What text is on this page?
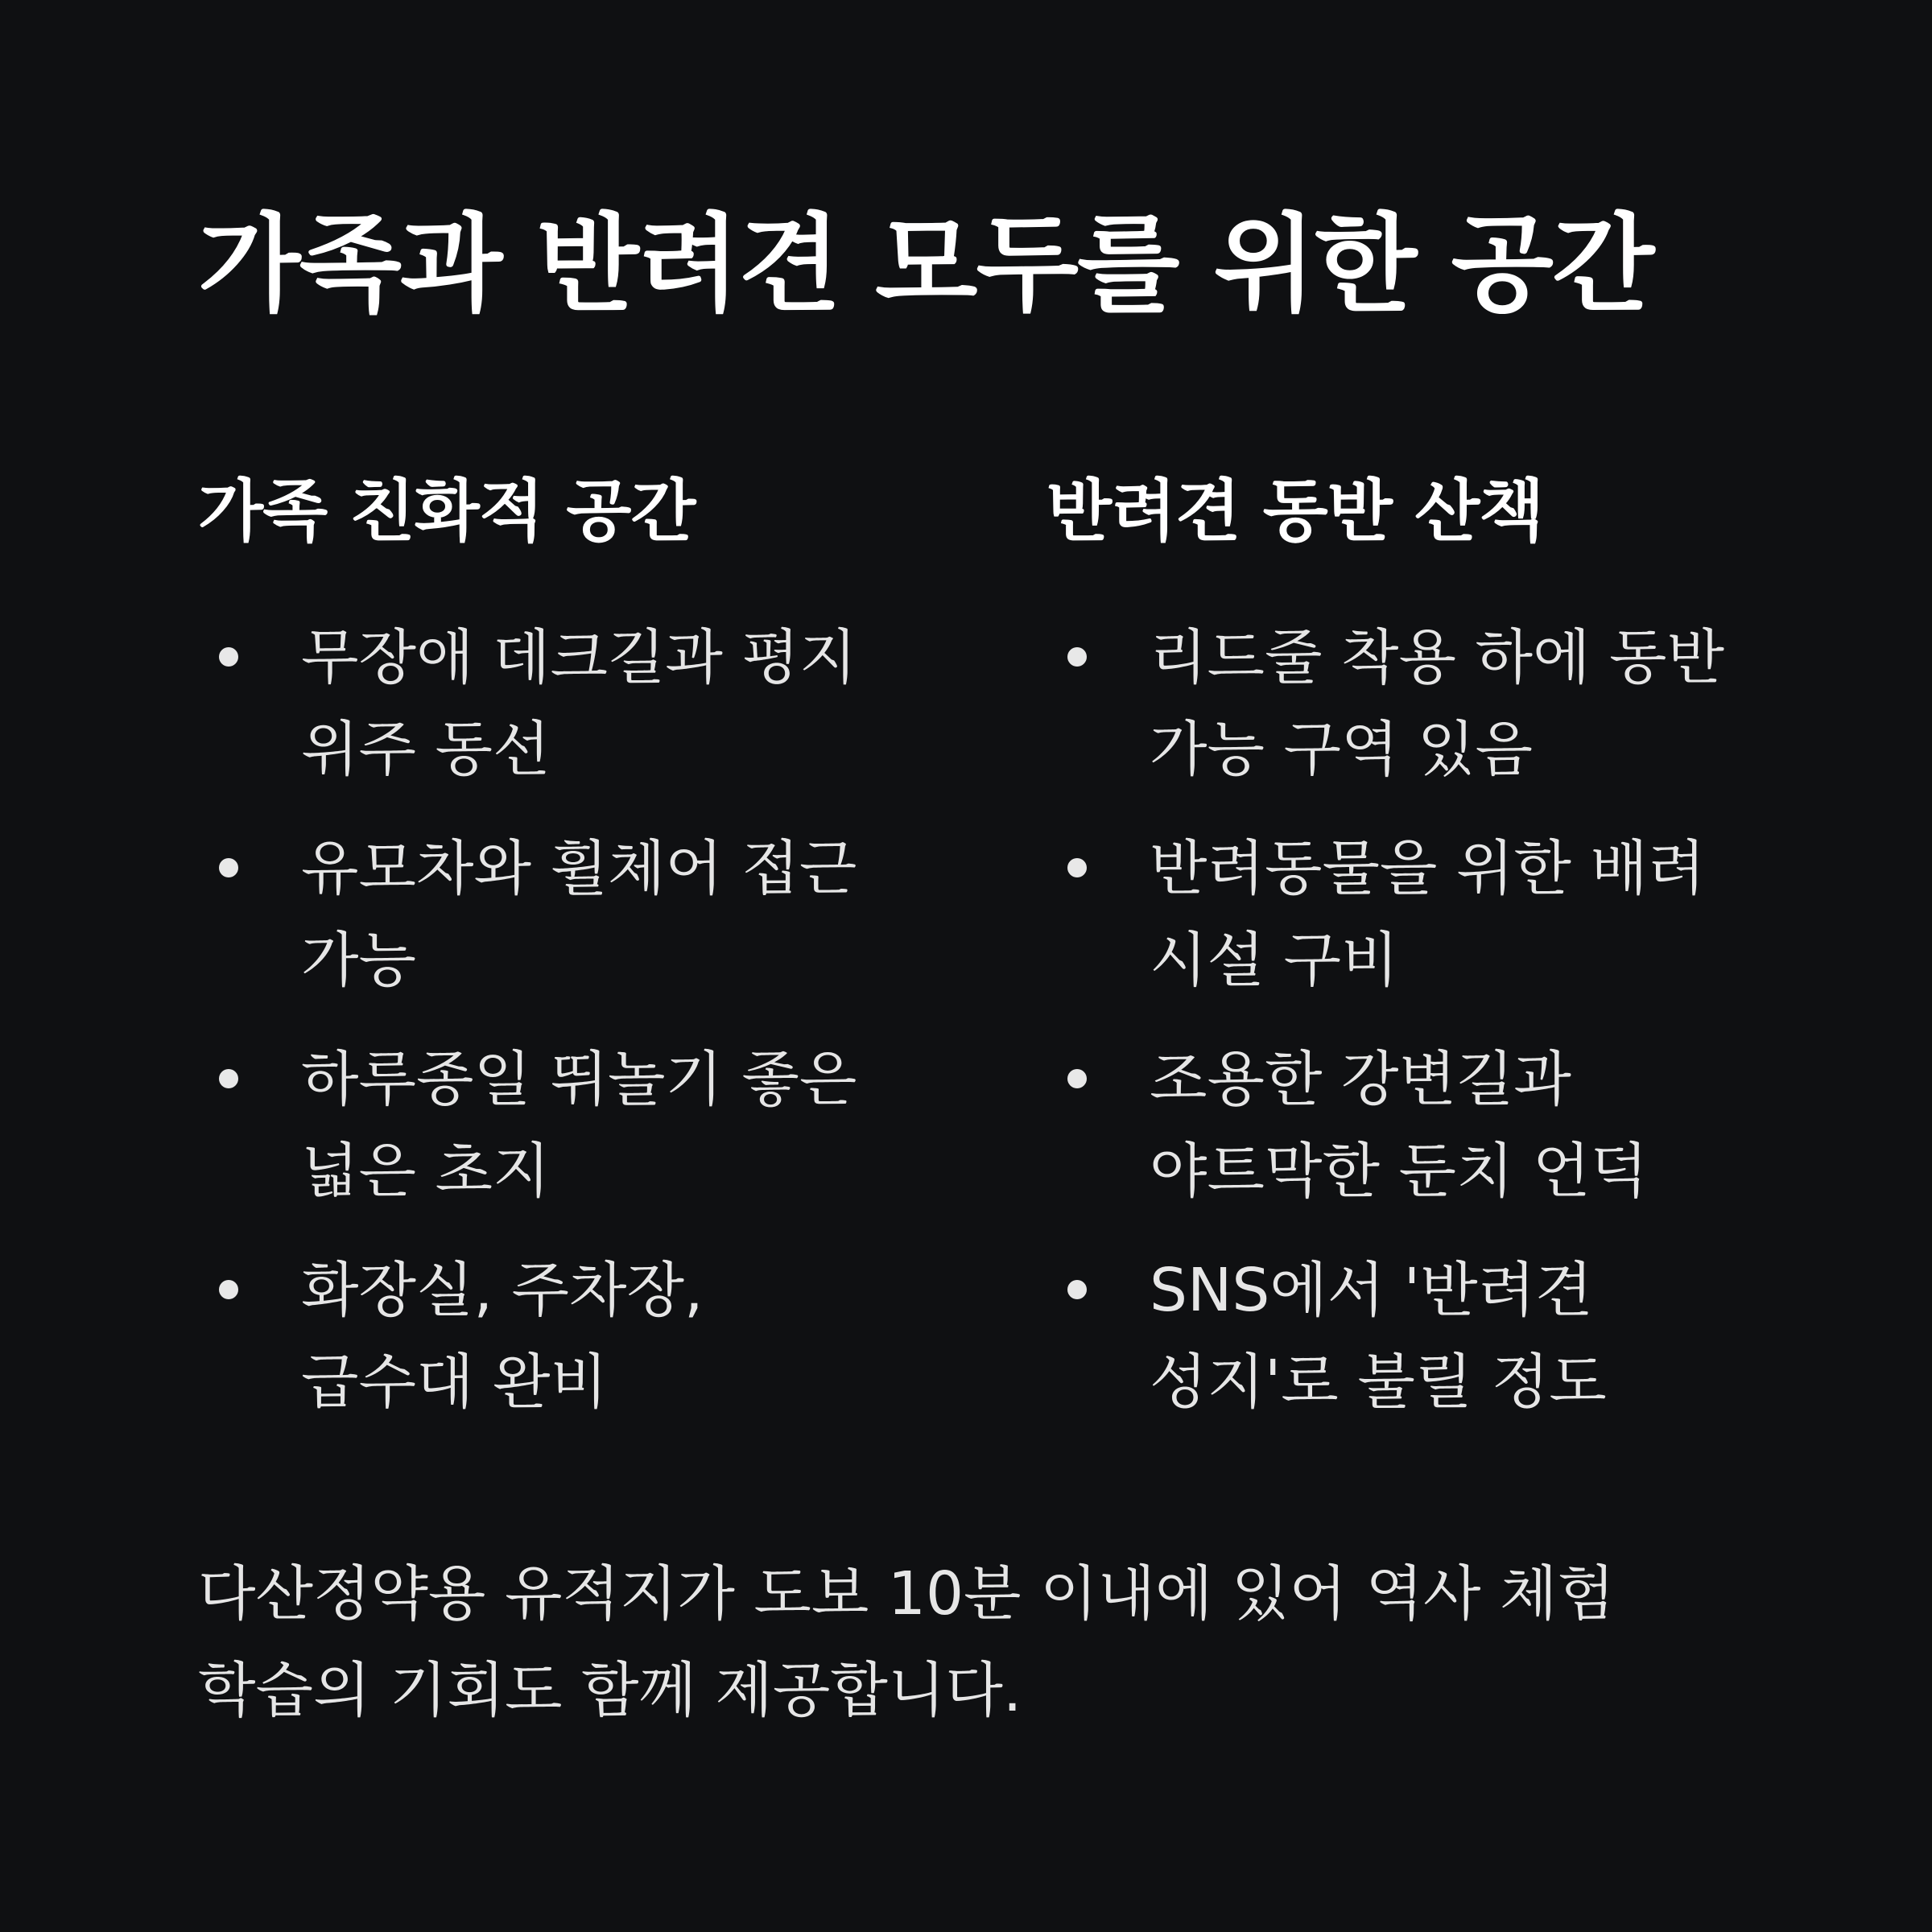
가족과 반려견 모두를 위한 공간
가족 친화적 공간
무장애 데크길과 평지 위주 동선
유모차와 휠체어 접근 가능
하루종일 뛰놀기 좋은 넓은 초지
화장실, 주차장, 급수대 완비
반려견 동반 산책
리드줄 착용 하에 동반 가능 구역 있음
반려동물을 위한 배려 시설 구비
조용한 강변길과 야트막한 둔치 언덕
SNS에서 '반려견 성지'로 불릴 정도

다산정약용 유적지가 도보 10분 이내에 있어 역사 체험 학습의 기회도 함께 제공합니다.
